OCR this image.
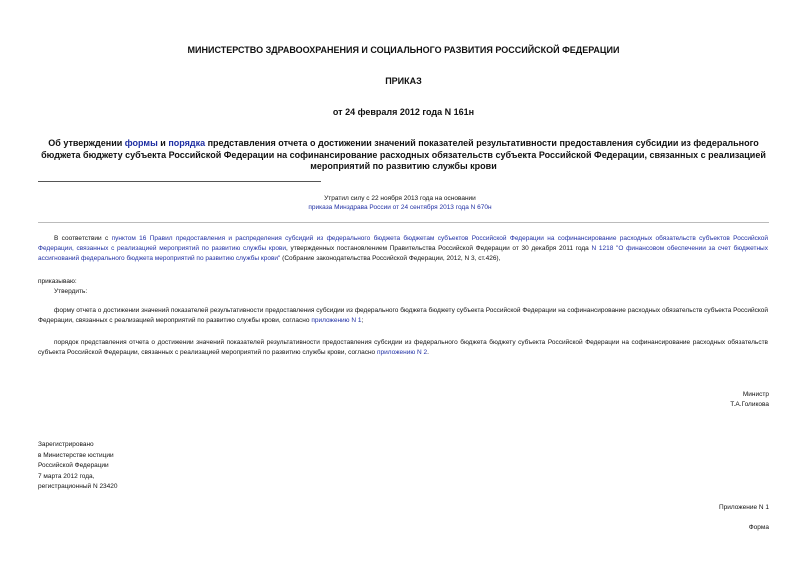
МИНИСТЕРСТВО ЗДРАВООХРАНЕНИЯ И СОЦИАЛЬНОГО РАЗВИТИЯ РОССИЙСКОЙ ФЕДЕРАЦИИ
ПРИКАЗ
от 24 февраля 2012 года N 161н
Об утверждении формы и порядка представления отчета о достижении значений показателей результативности предоставления субсидии из федерального бюджета бюджету субъекта Российской Федерации на софинансирование расходных обязательств субъекта Российской Федерации, связанных с реализацией мероприятий по развитию службы крови
Утратил силу с 22 ноября 2013 года на основании
приказа Минздрава России от 24 сентября 2013 года N 670н
В соответствии с пунктом 16 Правил предоставления и распределения субсидий из федерального бюджета бюджетам субъектов Российской Федерации на софинансирование расходных обязательств субъектов Российской Федерации, связанных с реализацией мероприятий по развитию службы крови, утвержденных постановлением Правительства Российской Федерации от 30 декабря 2011 года N 1218 "О финансовом обеспечении за счет бюджетных ассигнований федерального бюджета мероприятий по развитию службы крови" (Собрание законодательства Российской Федерации, 2012, N 3, ст.426),
приказываю:
Утвердить:
форму отчета о достижении значений показателей результативности предоставления субсидии из федерального бюджета бюджету субъекта Российской Федерации на софинансирование расходных обязательств субъекта Российской Федерации, связанных с реализацией мероприятий по развитию службы крови, согласно приложению N 1;
порядок представления отчета о достижении значений показателей результативности предоставления субсидии из федерального бюджета бюджету субъекта Российской Федерации на софинансирование расходных обязательств субъекта Российской Федерации, связанных с реализацией мероприятий по развитию службы крови, согласно приложению N 2.
Министр
Т.А.Голикова
Зарегистрировано
в Министерстве юстиции
Российской Федерации
7 марта 2012 года,
регистрационный N 23420
Приложение N 1
Форма
